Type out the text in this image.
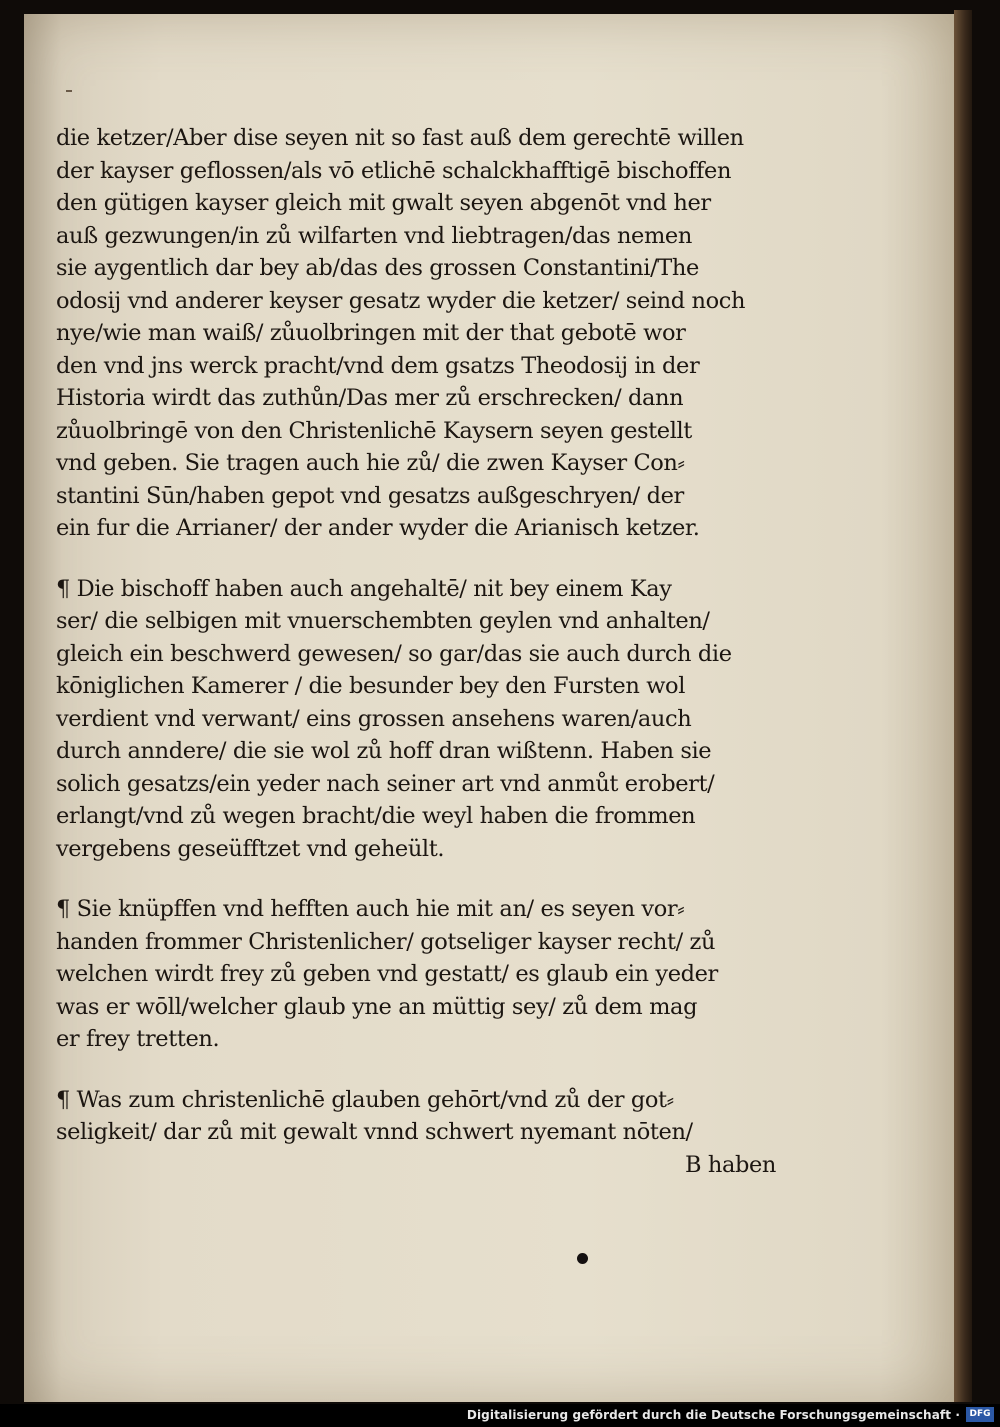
die ketzer/Aber dise seyen nit so fast auß dem gerechtē willen
der kayser geflossen/als vō etlichē schalckhafftigē bischoffen
den gütigen kayser gleich mit gwalt seyen abgenōt vnd her
auß gezwungen/in zů wilfarten vnd liebtragen/das nemen
sie aygentlich dar bey ab/das des grossen Constantini/The
odosij vnd anderer keyser gesatz wyder die ketzer/ seind noch
nye/wie man waiß/ zůuolbringen mit der that gebotē wor
den vnd jns werck pracht/vnd dem gsatzs Theodosij in der
Historia wirdt das zuthůn/Das mer zů erschrecken/ dann
zůuolbringē von den Christenlichē Kaysern seyen gestellt
vnd geben. Sie tragen auch hie zů/ die zwen Kayser Con⸗
stantini Sūn/haben gepot vnd gesatzs außgeschryen/ der
ein fur die Arrianer/ der ander wyder die Arianisch ketzer.
¶ Die bischoff haben auch angehaltē/ nit bey einem Kay
ser/ die selbigen mit vnuerschembten geylen vnd anhalten/
gleich ein beschwerd gewesen/ so gar/das sie auch durch die
kōniglichen Kamerer / die besunder bey den Fursten wol
verdient vnd verwant/ eins grossen ansehens waren/auch
durch anndere/ die sie wol zů hoff dran wißtenn. Haben sie
solich gesatzs/ein yeder nach seiner art vnd anmůt erobert/
erlangt/vnd zů wegen bracht/die weyl haben die frommen
vergebens geseüfftzet vnd geheült.
¶ Sie knüpffen vnd hefften auch hie mit an/ es seyen vor⸗
handen frommer Christenlicher/ gotseliger kayser recht/ zů
welchen wirdt frey zů geben vnd gestatt/ es glaub ein yeder
was er wōll/welcher glaub yne an müttig sey/ zů dem mag
er frey tretten.
¶ Was zum christenlichē glauben gehōrt/vnd zů der got⸗
seligkeit/ dar zů mit gewalt vnnd schwert nyemant nōten/
B haben
Digitalisierung gefördert durch die Deutsche Forschungsgemeinschaft ·	DFG
